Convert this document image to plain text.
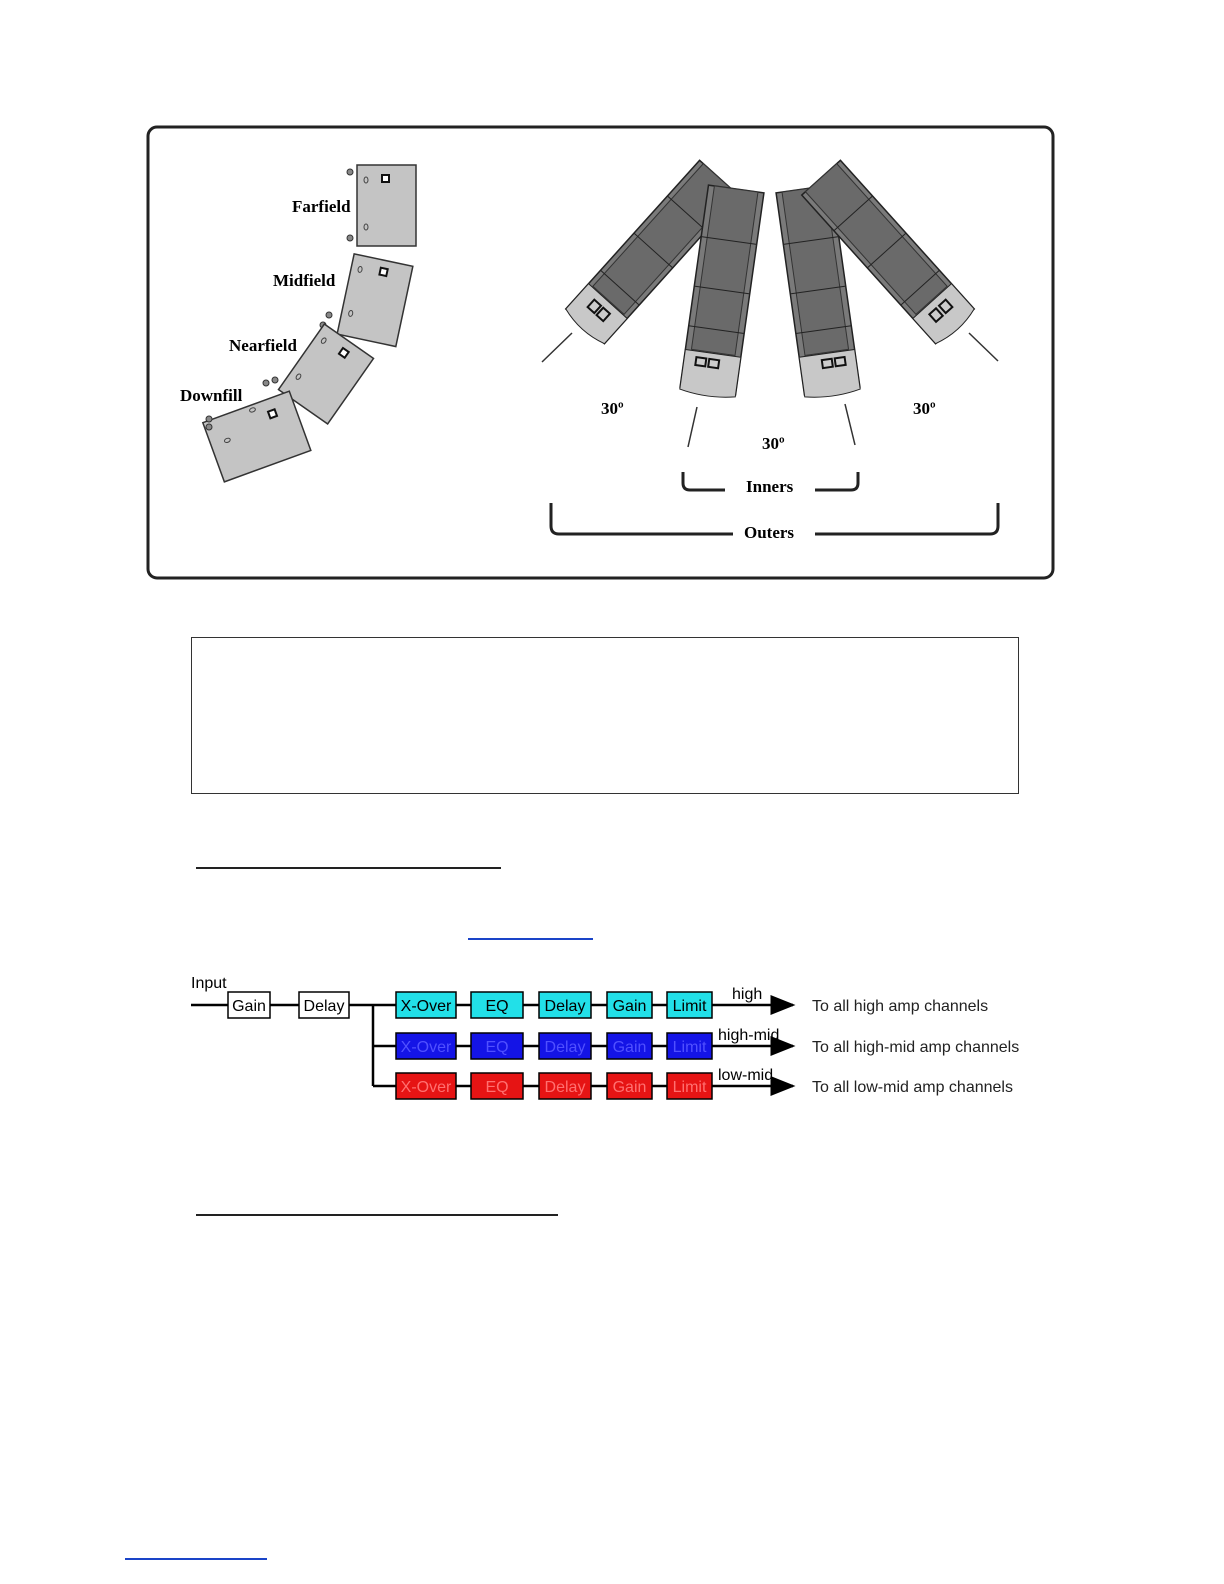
Farfield
Midfield
Nearfield
Downfill
30º
30º
30º
Inners
Outers
Input
Gain Delay	X-Over EQ Delay Gain Limit
high
To all high amp channels
X-Over EQ Delay Gain Limit
high-mid
To all high-mid amp channels
X-Over EQ Delay Gain Limit
low-mid
To all low-mid amp channels
